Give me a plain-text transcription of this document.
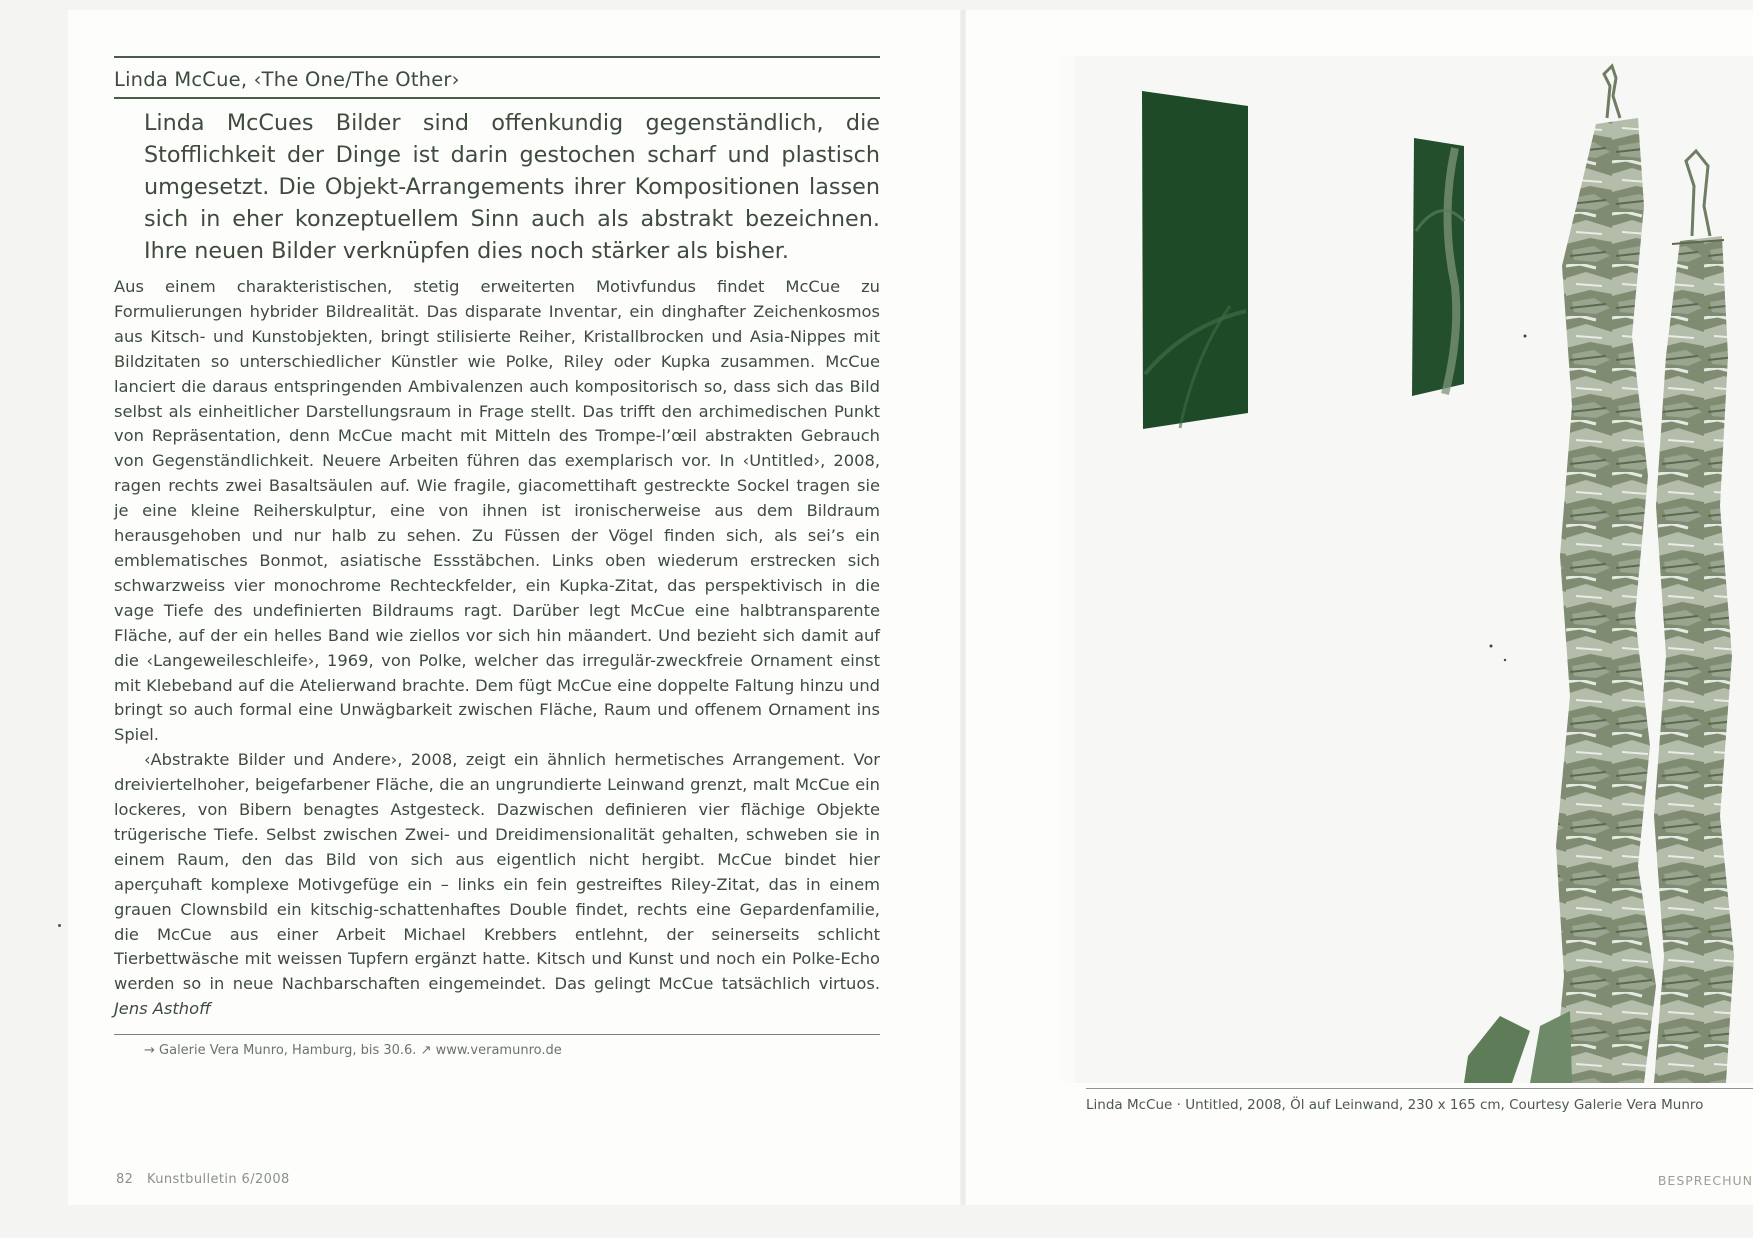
Linda McCue, ‹The One/The Other›
Linda McCues Bilder sind offenkundig gegenständlich, die Stofflichkeit der Dinge ist darin gestochen scharf und plastisch umgesetzt. Die Objekt-Arrangements ihrer Kompositionen lassen sich in eher konzeptuellem Sinn auch als abstrakt bezeichnen. Ihre neuen Bilder verknüpfen dies noch stärker als bisher.

Aus einem charakteristischen, stetig erweiterten Motivfundus findet McCue zu Formulierungen hybrider Bildrealität. Das disparate Inventar, ein dinghafter Zeichenkosmos aus Kitsch- und Kunstobjekten, bringt stilisierte Reiher, Kristallbrocken und Asia-Nippes mit Bildzitaten so unterschiedlicher Künstler wie Polke, Riley oder Kupka zusammen. McCue lanciert die daraus entspringenden Ambivalenzen auch kompositorisch so, dass sich das Bild selbst als einheitlicher Darstellungsraum in Frage stellt. Das trifft den archimedischen Punkt von Repräsentation, denn McCue macht mit Mitteln des Trompe-l’œil abstrakten Gebrauch von Gegenständlichkeit. Neuere Arbeiten führen das exemplarisch vor. In ‹Untitled›, 2008, ragen rechts zwei Basaltsäulen auf. Wie fragile, giacomettihaft gestreckte Sockel tragen sie je eine kleine Reiherskulptur, eine von ihnen ist ironischerweise aus dem Bildraum herausgehoben und nur halb zu sehen. Zu Füssen der Vögel finden sich, als sei’s ein emblematisches Bonmot, asiatische Essstäbchen. Links oben wiederum erstrecken sich schwarzweiss vier monochrome Rechteckfelder, ein Kupka-Zitat, das perspektivisch in die vage Tiefe des undefinierten Bildraums ragt. Darüber legt McCue eine halbtransparente Fläche, auf der ein helles Band wie ziellos vor sich hin mäandert. Und bezieht sich damit auf die ‹Langeweileschleife›, 1969, von Polke, welcher das irregulär-zweckfreie Ornament einst mit Klebeband auf die Atelierwand brachte. Dem fügt McCue eine doppelte Faltung hinzu und bringt so auch formal eine Unwägbarkeit zwischen Fläche, Raum und offenem Ornament ins Spiel.

‹Abstrakte Bilder und Andere›, 2008, zeigt ein ähnlich hermetisches Arrangement. Vor dreiviertelhoher, beigefarbener Fläche, die an ungrundierte Leinwand grenzt, malt McCue ein lockeres, von Bibern benagtes Astgesteck. Dazwischen definieren vier flächige Objekte trügerische Tiefe. Selbst zwischen Zwei- und Dreidimensionalität gehalten, schweben sie in einem Raum, den das Bild von sich aus eigentlich nicht hergibt. McCue bindet hier aperçuhaft komplexe Motivgefüge ein – links ein fein gestreiftes Riley-Zitat, das in einem grauen Clownsbild ein kitschig-schattenhaftes Double findet, rechts eine Gepardenfamilie, die McCue aus einer Arbeit Michael Krebbers entlehnt, der seinerseits schlicht Tierbettwäsche mit weissen Tupfern ergänzt hatte. Kitsch und Kunst und noch ein Polke-Echo werden so in neue Nachbarschaften eingemeindet. Das gelingt McCue tatsächlich virtuos. Jens Asthoff

→ Galerie Vera Munro, Hamburg, bis 30.6. ↗ www.veramunro.de
82   Kunstbulletin 6/2008
Linda McCue · Untitled, 2008, Öl auf Leinwand, 230 x 165 cm, Courtesy Galerie Vera Munro
BESPRECHUN
